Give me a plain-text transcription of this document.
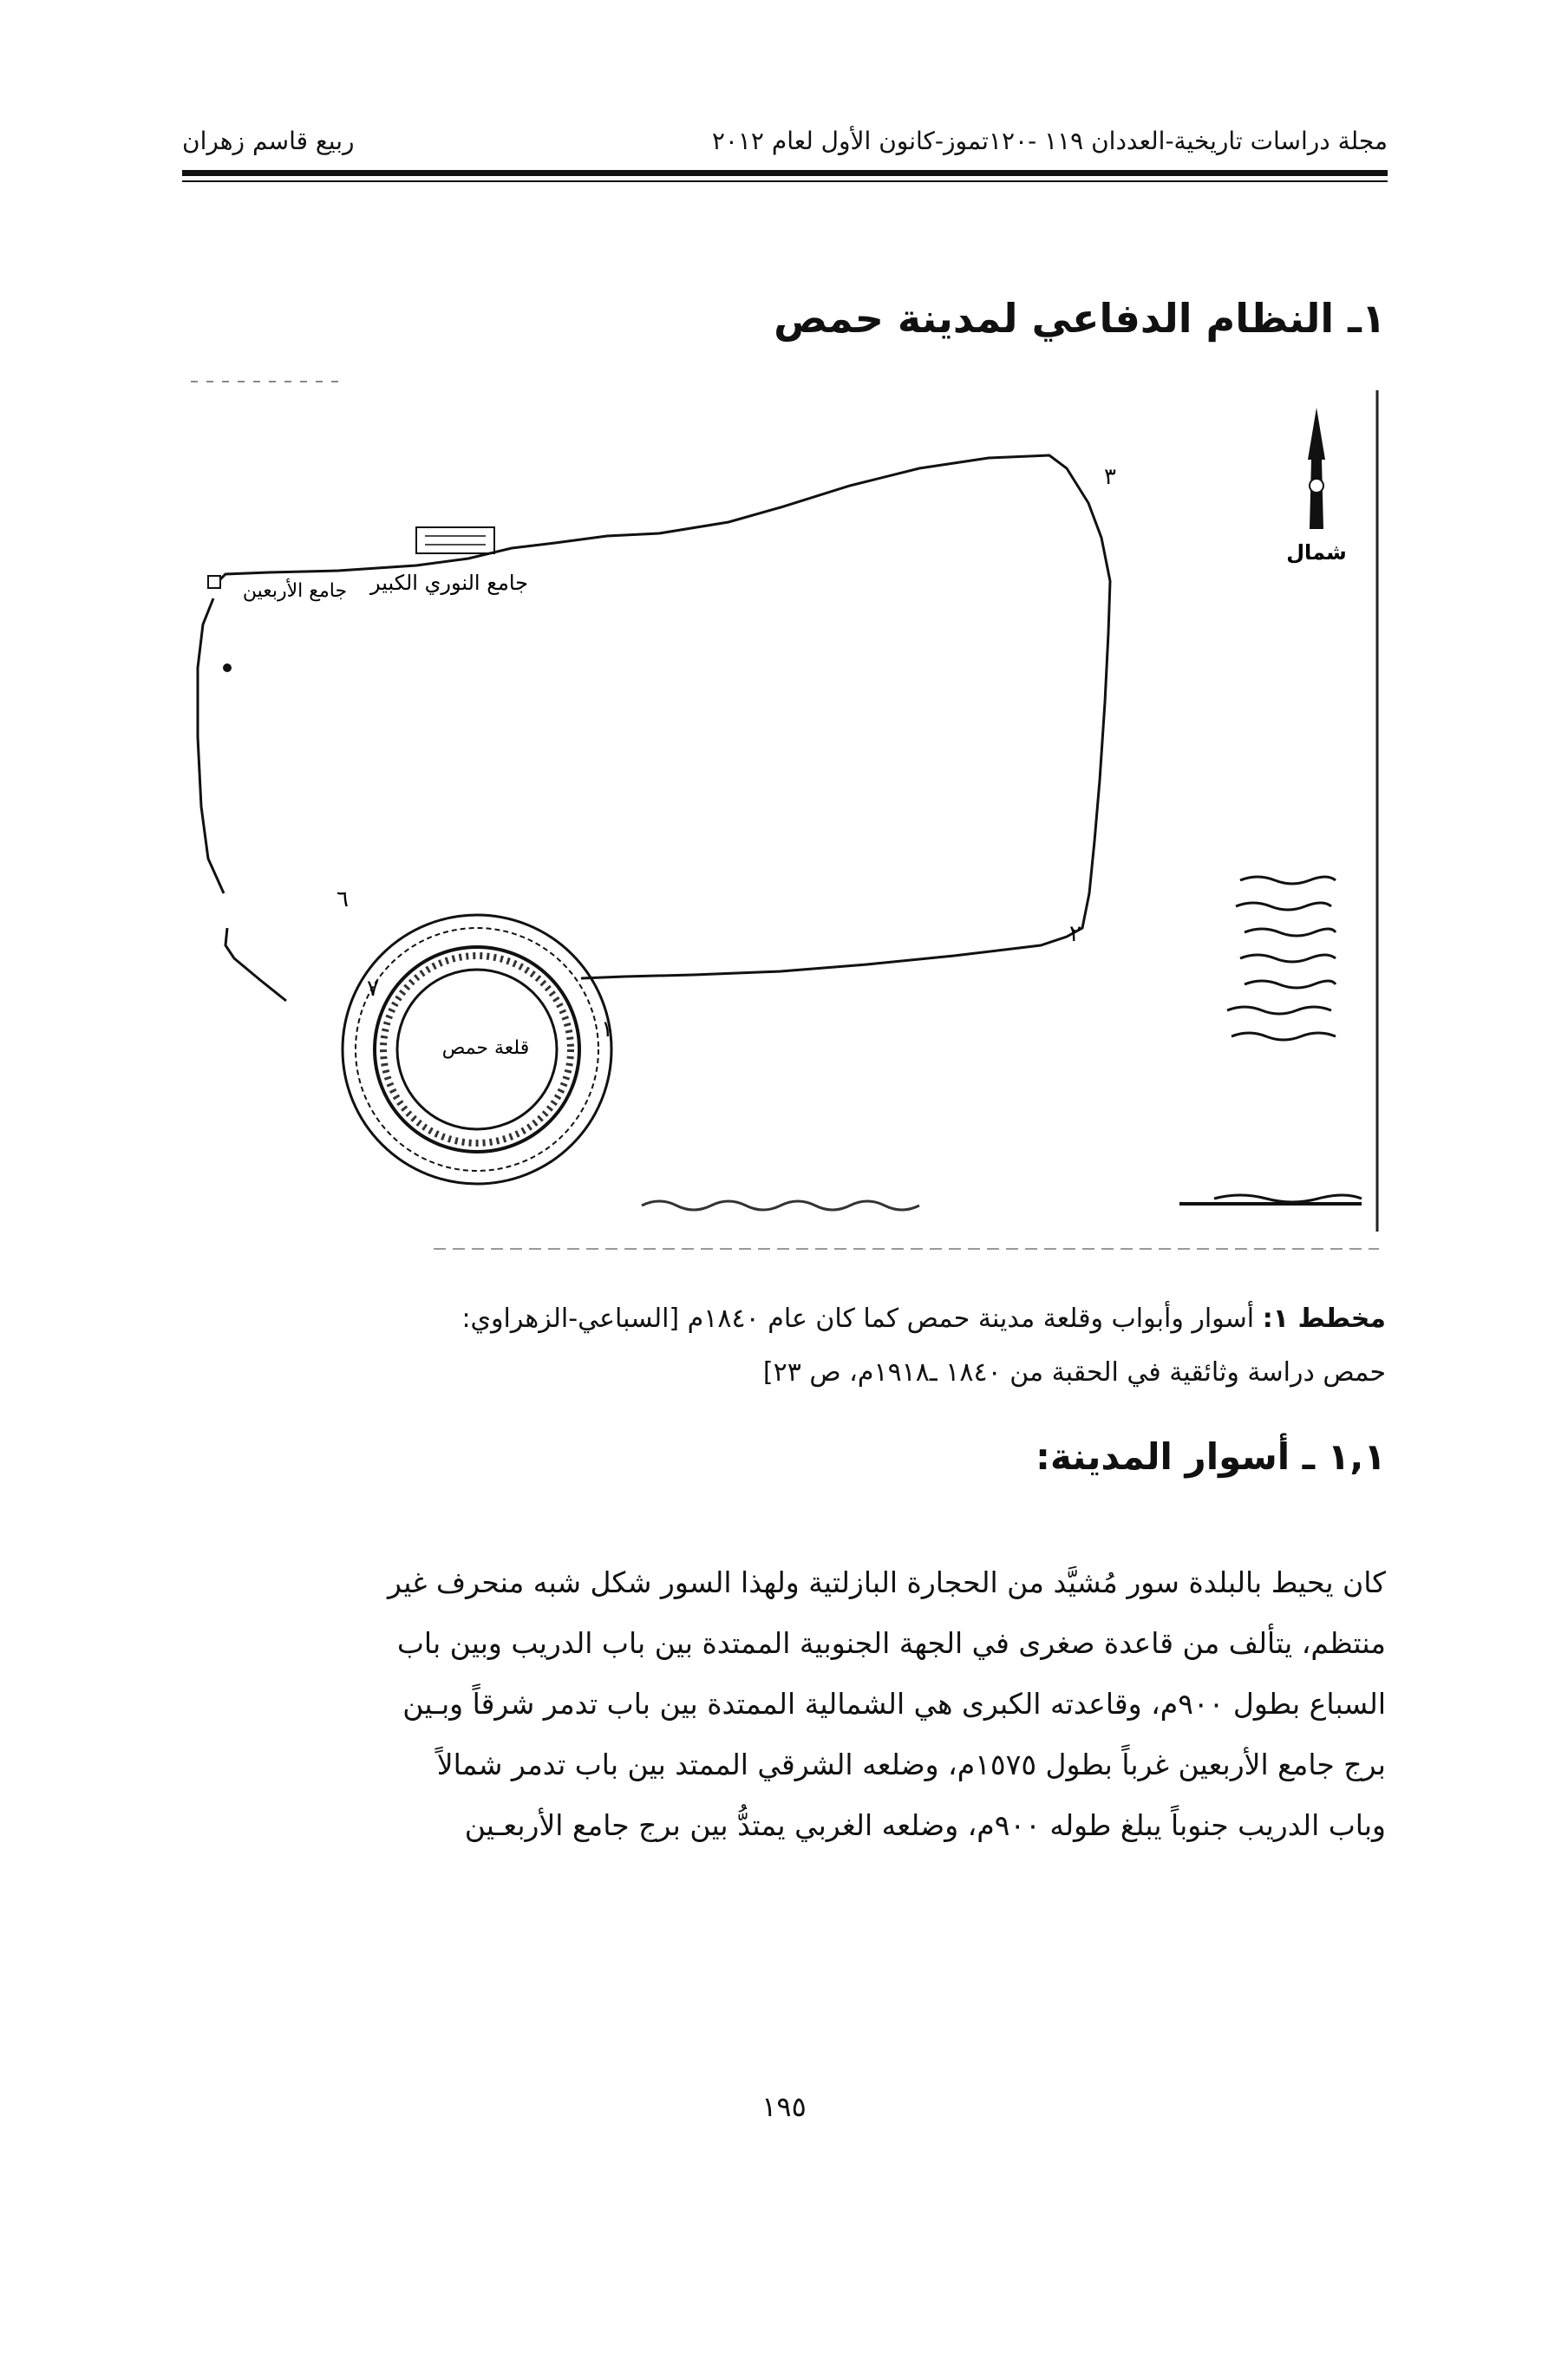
مجلة دراسات تاريخية-العددان ١١٩ -١٢٠تموز-كانون الأول لعام ٢٠١٢
ربيع قاسم زهران
١ـ النظام الدفاعي لمدينة حمص
٣
٢
١
٦
٧
جامع النوري الكبير
جامع الأربعين
قلعة حمص
شمال
مخطط ١: أسوار وأبواب وقلعة مدينة حمص كما كان عام ١٨٤٠م [السباعي-الزهراوي:
حمص دراسة وثائقية في الحقبة من ١٨٤٠ ـ١٩١٨م، ص ٢٣]
١,١ ـ أسوار المدينة:
كان يحيط بالبلدة سور مُشيَّد من الحجارة البازلتية ولهذا السور شكل شبه منحرف غير
منتظم، يتألف من قاعدة صغرى في الجهة الجنوبية الممتدة بين باب الدريب وبين باب
السباع بطول ٩٠٠م، وقاعدته الكبرى هي الشمالية الممتدة بين باب تدمر شرقاً وبـين
برج جامع الأربعين غرباً بطول ١٥٧٥م، وضلعه الشرقي الممتد بين باب تدمر شمالاً
وباب الدريب جنوباً يبلغ طوله ٩٠٠م، وضلعه الغربي يمتدُّ بين برج جامع الأربعـين
١٩٥
